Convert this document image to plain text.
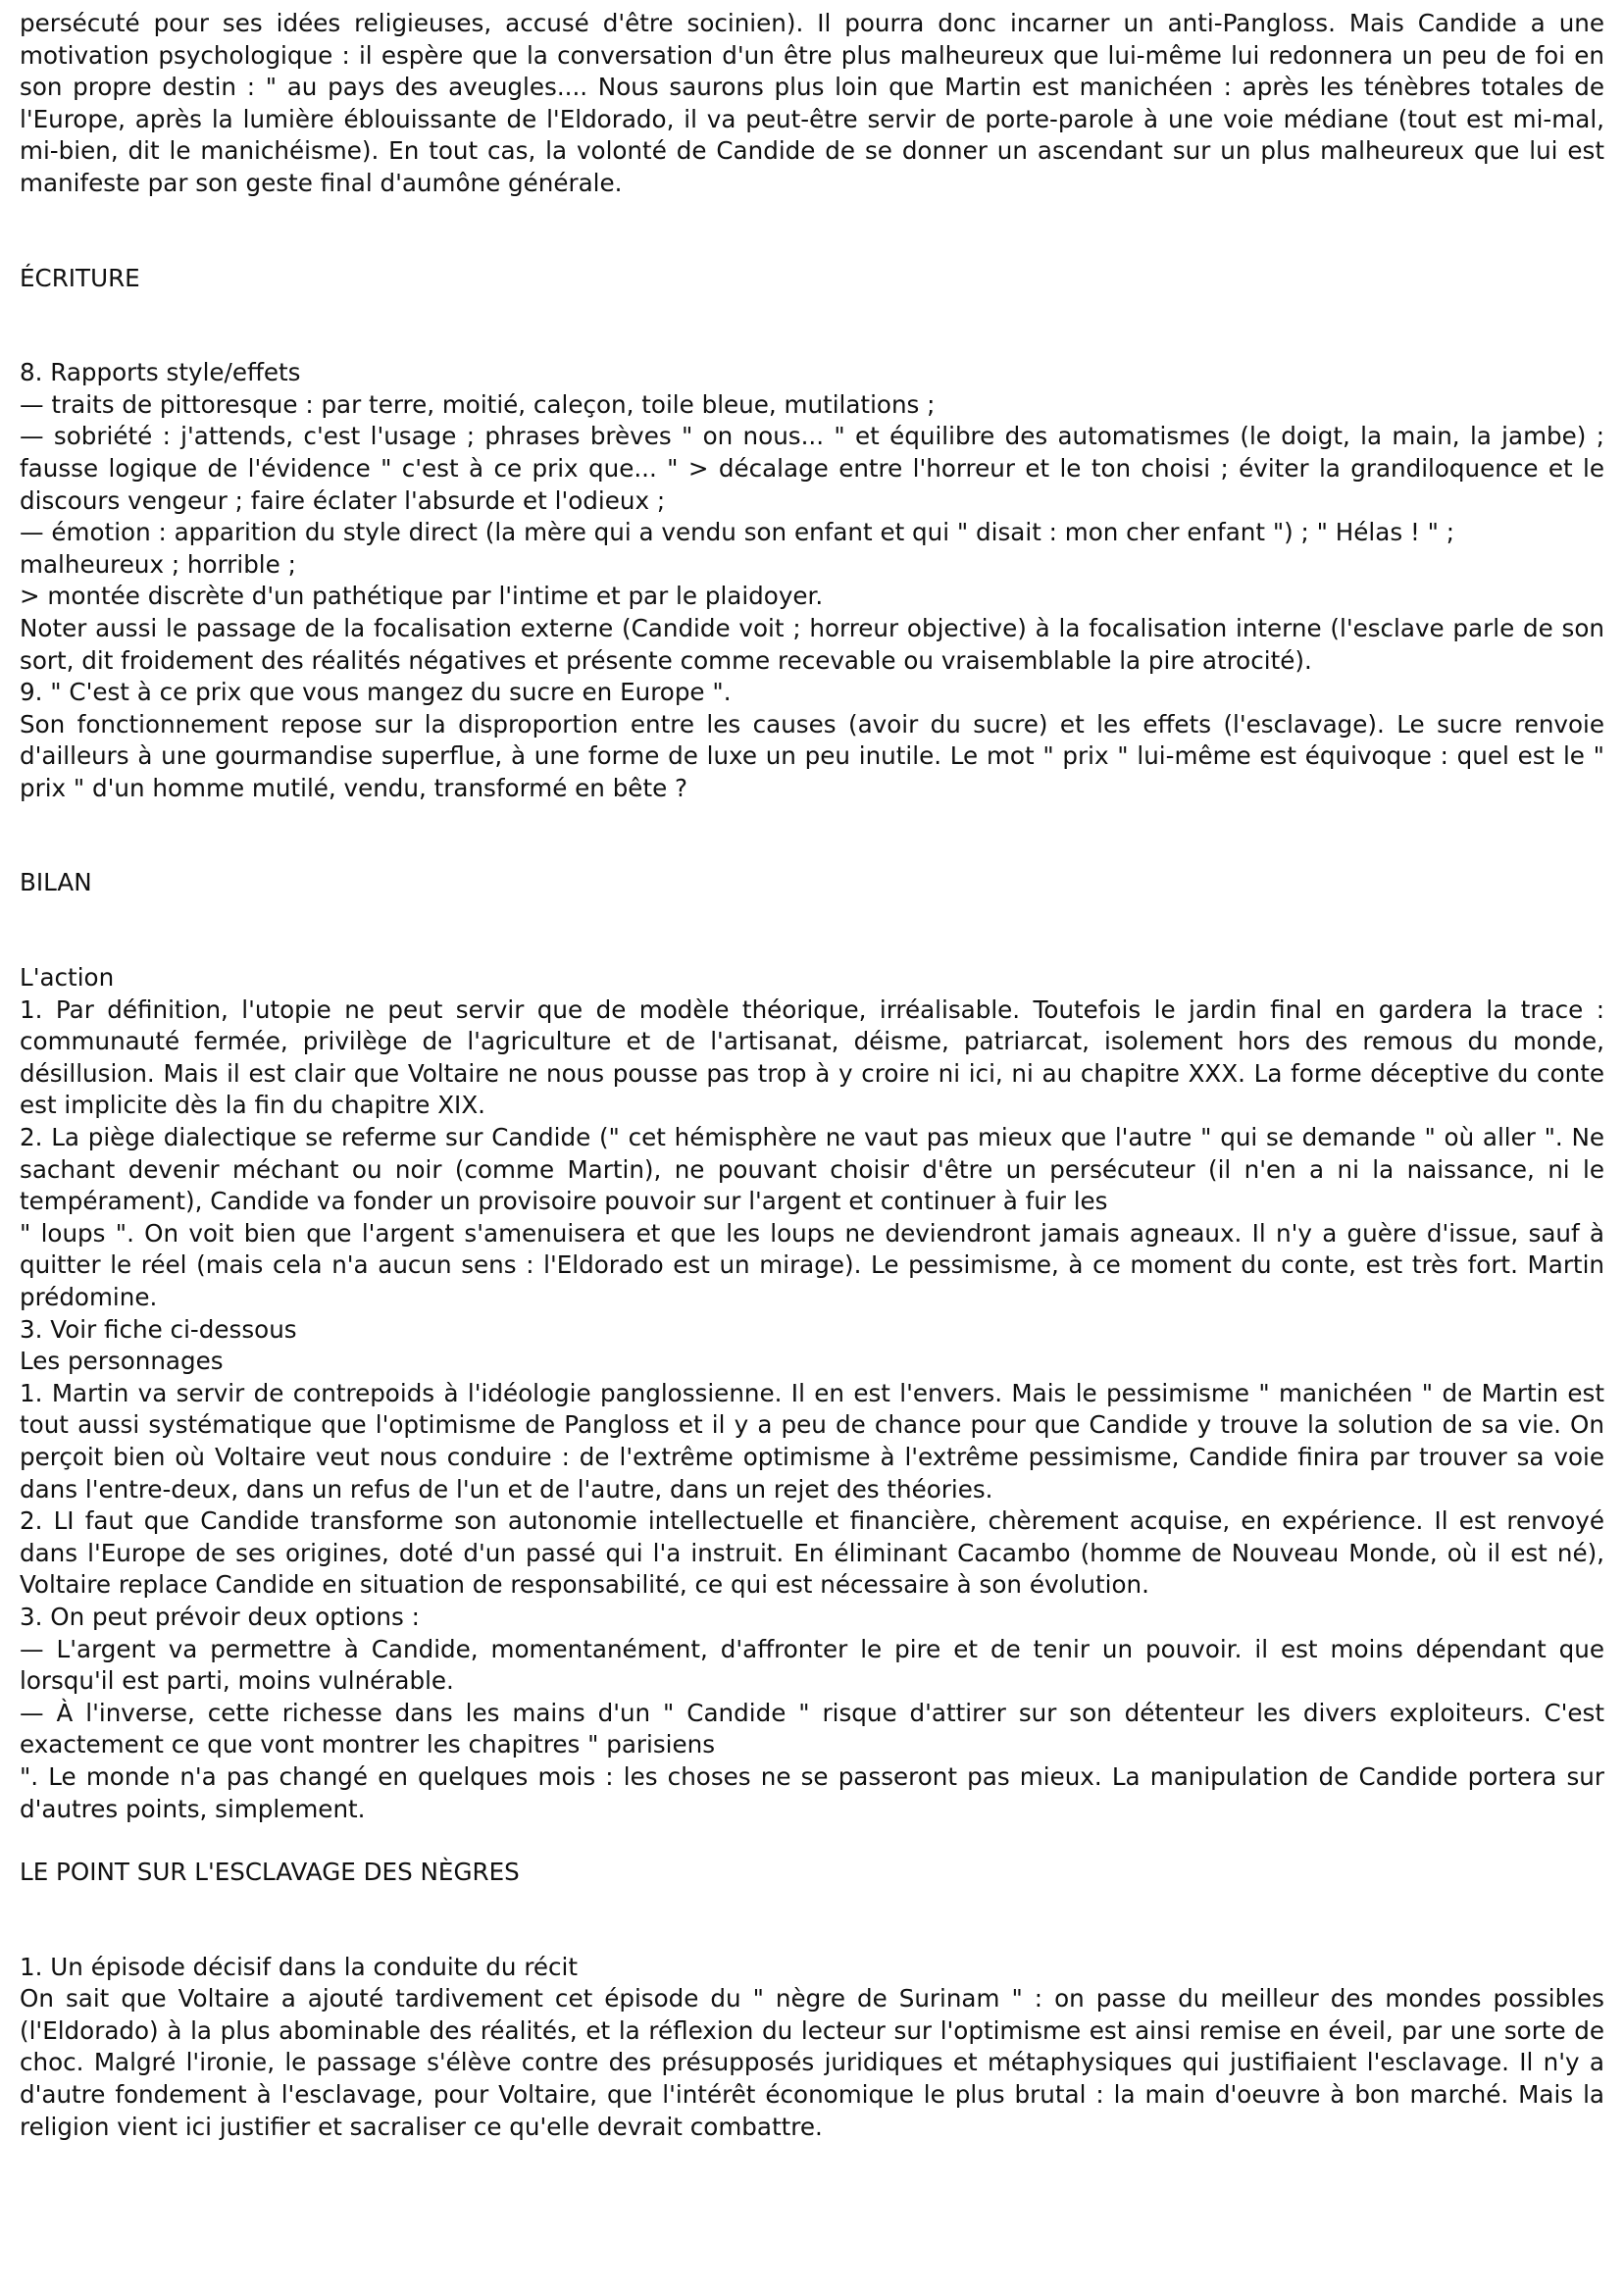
persécuté pour ses idées religieuses, accusé d'être socinien). Il pourra donc incarner un anti-Pangloss. Mais Candide a une motivation psychologique : il espère que la conversation d'un être plus malheureux que lui-même lui redonnera un peu de foi en son propre destin : " au pays des aveugles.... Nous saurons plus loin que Martin est manichéen : après les ténèbres totales de l'Europe, après la lumière éblouissante de l'Eldorado, il va peut-être servir de porte-parole à une voie médiane (tout est mi-mal, mi-bien, dit le manichéisme). En tout cas, la volonté de Candide de se donner un ascendant sur un plus malheureux que lui est manifeste par son geste final d'aumône générale.

ÉCRITURE

8. Rapports style/effets

— traits de pittoresque : par terre, moitié, caleçon, toile bleue, mutilations ;

— sobriété : j'attends, c'est l'usage ; phrases brèves " on nous... " et équilibre des automatismes (le doigt, la main, la jambe) ; fausse logique de l'évidence " c'est à ce prix que... " > décalage entre l'horreur et le ton choisi ; éviter la grandiloquence et le discours vengeur ; faire éclater l'absurde et l'odieux ;

— émotion : apparition du style direct (la mère qui a vendu son enfant et qui " disait : mon cher enfant ") ; " Hélas ! " ; malheureux ; horrible ;

> montée discrète d'un pathétique par l'intime et par le plaidoyer.

Noter aussi le passage de la focalisation externe (Candide voit ; horreur objective) à la focalisation interne (l'esclave parle de son sort, dit froidement des réalités négatives et présente comme recevable ou vraisemblable la pire atrocité).

9. " C'est à ce prix que vous mangez du sucre en Europe ".

Son fonctionnement repose sur la disproportion entre les causes (avoir du sucre) et les effets (l'esclavage). Le sucre renvoie d'ailleurs à une gourmandise superflue, à une forme de luxe un peu inutile. Le mot " prix " lui-même est équivoque : quel est le " prix " d'un homme mutilé, vendu, transformé en bête ?

BILAN

L'action

1. Par définition, l'utopie ne peut servir que de modèle théorique, irréalisable. Toutefois le jardin final en gardera la trace : communauté fermée, privilège de l'agriculture et de l'artisanat, déisme, patriarcat, isolement hors des remous du monde, désillusion. Mais il est clair que Voltaire ne nous pousse pas trop à y croire ni ici, ni au chapitre XXX. La forme déceptive du conte est implicite dès la fin du chapitre XIX.

2. La piège dialectique se referme sur Candide (" cet hémisphère ne vaut pas mieux que l'autre " qui se demande " où aller ". Ne sachant devenir méchant ou noir (comme Martin), ne pouvant choisir d'être un persécuteur (il n'en a ni la naissance, ni le tempérament), Candide va fonder un provisoire pouvoir sur l'argent et continuer à fuir les

" loups ". On voit bien que l'argent s'amenuisera et que les loups ne deviendront jamais agneaux. Il n'y a guère d'issue, sauf à quitter le réel (mais cela n'a aucun sens : l'Eldorado est un mirage). Le pessimisme, à ce moment du conte, est très fort. Martin prédomine.

3. Voir fiche ci-dessous

Les personnages

1. Martin va servir de contrepoids à l'idéologie panglossienne. Il en est l'envers. Mais le pessimisme " manichéen " de Martin est tout aussi systématique que l'optimisme de Pangloss et il y a peu de chance pour que Candide y trouve la solution de sa vie. On perçoit bien où Voltaire veut nous conduire : de l'extrême optimisme à l'extrême pessimisme, Candide finira par trouver sa voie dans l'entre-deux, dans un refus de l'un et de l'autre, dans un rejet des théories.

2. LI faut que Candide transforme son autonomie intellectuelle et financière, chèrement acquise, en expérience. Il est renvoyé dans l'Europe de ses origines, doté d'un passé qui l'a instruit. En éliminant Cacambo (homme de Nouveau Monde, où il est né), Voltaire replace Candide en situation de responsabilité, ce qui est nécessaire à son évolution.

3. On peut prévoir deux options :

— L'argent va permettre à Candide, momentanément, d'affronter le pire et de tenir un pouvoir. il est moins dépendant que lorsqu'il est parti, moins vulnérable.

— À l'inverse, cette richesse dans les mains d'un " Candide " risque d'attirer sur son détenteur les divers exploiteurs. C'est exactement ce que vont montrer les chapitres " parisiens

". Le monde n'a pas changé en quelques mois : les choses ne se passeront pas mieux. La manipulation de Candide portera sur d'autres points, simplement.

LE POINT SUR L'ESCLAVAGE DES NÈGRES

1. Un épisode décisif dans la conduite du récit

On sait que Voltaire a ajouté tardivement cet épisode du " nègre de Surinam " : on passe du meilleur des mondes possibles (l'Eldorado) à la plus abominable des réalités, et la réflexion du lecteur sur l'optimisme est ainsi remise en éveil, par une sorte de choc. Malgré l'ironie, le passage s'élève contre des présupposés juridiques et métaphysiques qui justifiaient l'esclavage. Il n'y a d'autre fondement à l'esclavage, pour Voltaire, que l'intérêt économique le plus brutal : la main d'oeuvre à bon marché. Mais la religion vient ici justifier et sacraliser ce qu'elle devrait combattre.
